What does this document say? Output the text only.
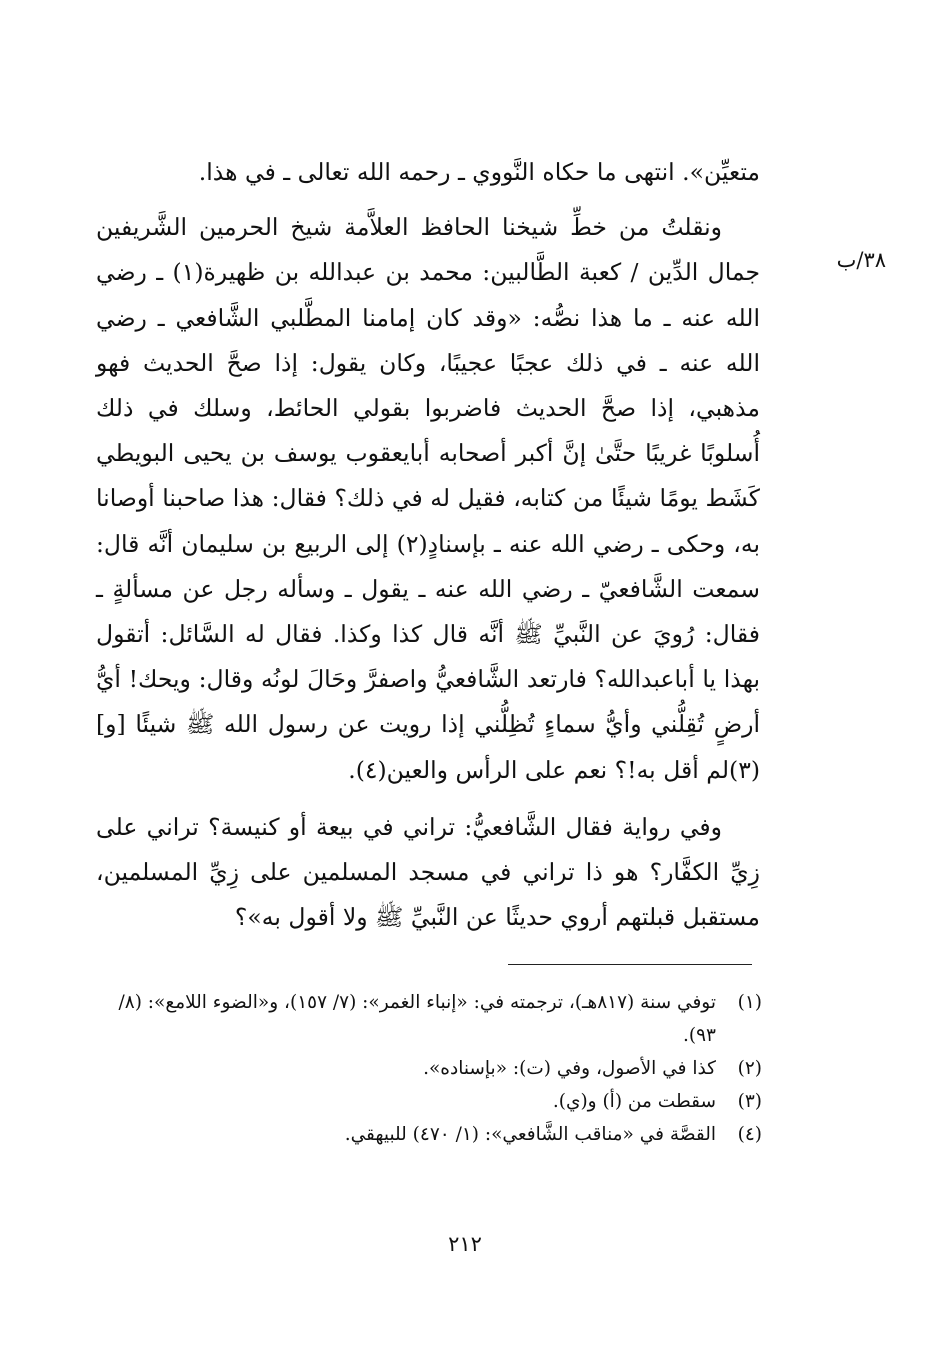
٣٨/ب

متعيِّن». انتهى ما حكاه النَّووي ـ رحمه الله تعالى ـ في هذا.

ونقلتُ من خطِّ شيخنا الحافظ العلاَّمة شيخ الحرمين الشَّريفين جمال الدِّين / كعبة الطَّالبين: محمد بن عبدالله بن ظهيرة(١) ـ رضي الله عنه ـ ما هذا نصُّه: «وقد كان إمامنا المطَّلبي الشَّافعي ـ رضي الله عنه ـ في ذلك عجبًا عجيبًا، وكان يقول: إذا صحَّ الحديث فهو مذهبي، إذا صحَّ الحديث فاضربوا بقولي الحائط، وسلك في ذلك أُسلوبًا غريبًا حتَّىٰ إنَّ أكبر أصحابه أبايعقوب يوسف بن يحيى البويطي كَشَط يومًا شيئًا من كتابه، فقيل له في ذلك؟ فقال: هذا صاحبنا أوصانا به، وحكى ـ رضي الله عنه ـ بإسنادٍ(٢) إلى الربيع بن سليمان أنَّه قال: سمعت الشَّافعيّ ـ رضي الله عنه ـ يقول ـ وسأله رجل عن مسألةٍ ـ فقال: رُويَ عن النَّبيِّ ﷺ أنَّه قال كذا وكذا. فقال له السَّائل: أتقول بهذا يا أباعبدالله؟ فارتعد الشَّافعيُّ واصفرَّ وحَالَ لونُه وقال: ويحك! أيُّ أرضٍ تُقِلُّني وأيُّ سماءٍ تُظِلُّني إذا رويت عن رسول الله ﷺ شيئًا [و](٣)لم أقل به!؟ نعم على الرأس والعين(٤).

وفي رواية فقال الشَّافعيُّ: تراني في بيعة أو كنيسة؟ تراني على زِيِّ الكفَّار؟ هو ذا تراني في مسجد المسلمين على زِيِّ المسلمين، مستقبل قبلتهم أروي حديثًا عن النَّبيِّ ﷺ ولا أقول به»؟

(١)
توفي سنة (٨١٧هـ)، ترجمته في: «إنباء الغمر»: (٧/ ١٥٧)، و«الضوء اللامع»: (٨/ ٩٣).
(٢)
كذا في الأصول، وفي (ت): «بإسناده».
(٣)
سقطت من (أ) و(ي).
(٤)
القصَّة في «مناقب الشَّافعي»: (١/ ٤٧٠) للبيهقي.
٢١٢
